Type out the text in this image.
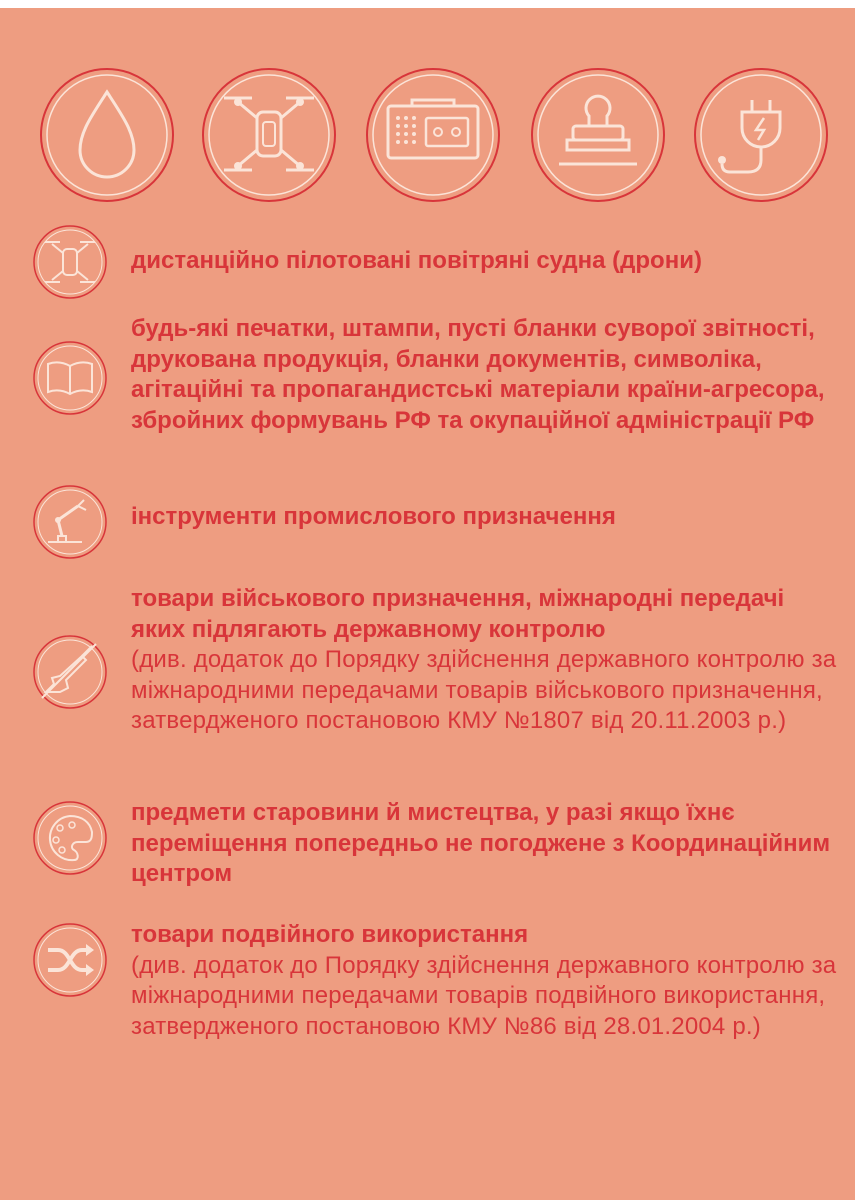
дистанційно пілотовані повітряні судна (дрони)
будь-які печатки, штампи, пусті бланки суворої звітності, друкована продукція, бланки документів, символіка, агітаційні та пропагандистські матеріали країни-агресора, збройних формувань РФ та окупаційної адміністрації РФ
інструменти промислового призначення
товари військового призначення, міжнародні передачі яких підлягають державному контролю
(див. додаток до Порядку здійснення державного контролю за міжнародними передачами товарів військового призначення, затвердженого постановою КМУ №1807 від 20.11.2003 р.)
предмети старовини й мистецтва, у разі якщо їхнє переміщення попередньо не погоджене з Координаційним центром
товари подвійного використання
(див. додаток до Порядку здійснення державного контролю за міжнародними передачами товарів подвійного використання, затвердженого постановою КМУ №86 від 28.01.2004 р.)
